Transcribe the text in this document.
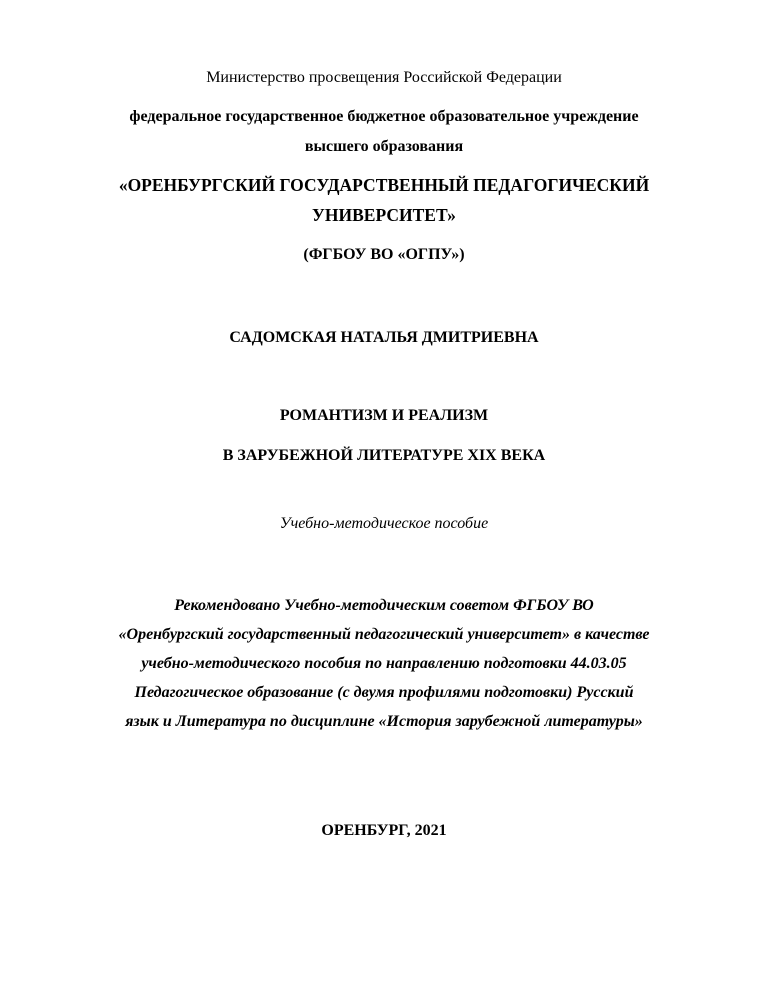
Министерство просвещения Российской Федерации
федеральное государственное бюджетное образовательное учреждение
высшего образования
«ОРЕНБУРГСКИЙ ГОСУДАРСТВЕННЫЙ ПЕДАГОГИЧЕСКИЙ
УНИВЕРСИТЕТ»
(ФГБОУ ВО «ОГПУ»)
САДОМСКАЯ НАТАЛЬЯ ДМИТРИЕВНА
РОМАНТИЗМ И РЕАЛИЗМ
В ЗАРУБЕЖНОЙ ЛИТЕРАТУРЕ XIX ВЕКА
Учебно-методическое пособие
Рекомендовано Учебно-методическим советом ФГБОУ ВО
«Оренбургский государственный педагогический университет» в качестве
учебно-методического пособия по направлению подготовки 44.03.05
Педагогическое образование (с двумя профилями подготовки) Русский
язык и Литература по дисциплине «История зарубежной литературы»
ОРЕНБУРГ, 2021
